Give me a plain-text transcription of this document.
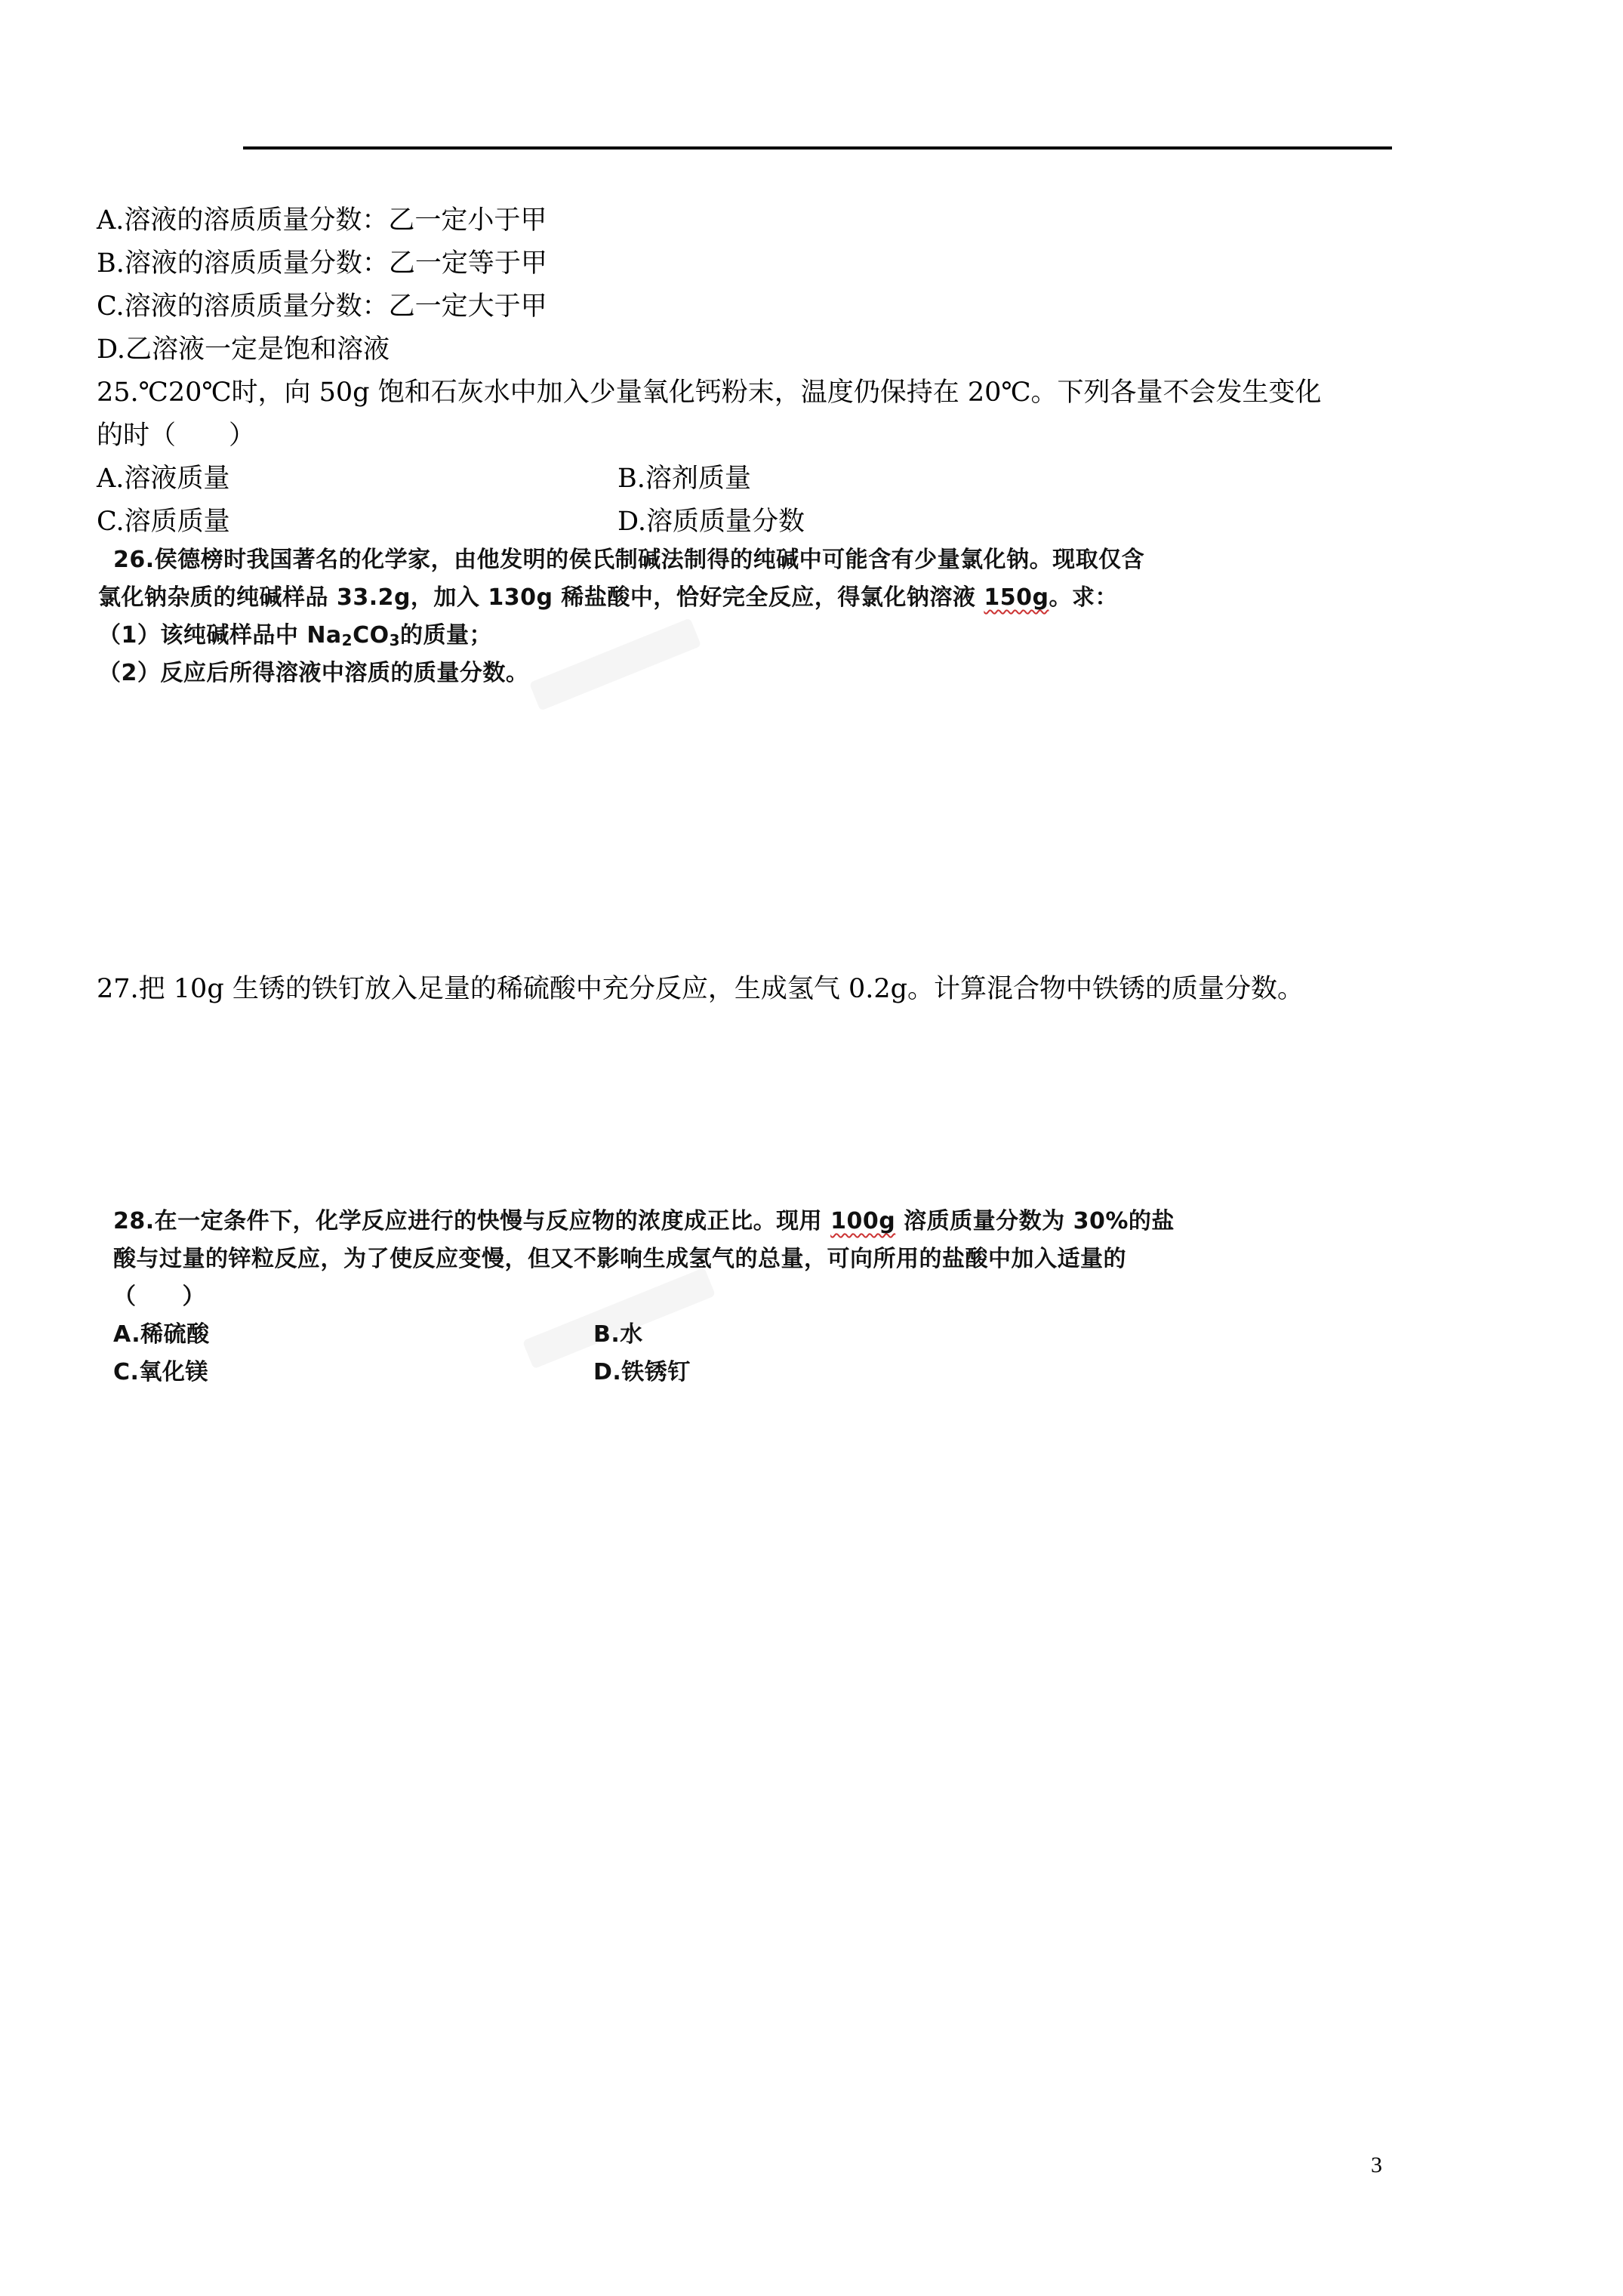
A.溶液的溶质质量分数：乙一定小于甲
B.溶液的溶质质量分数：乙一定等于甲
C.溶液的溶质质量分数：乙一定大于甲
D.乙溶液一定是饱和溶液
25.℃20℃时，向 50g 饱和石灰水中加入少量氧化钙粉末，温度仍保持在 20℃。下列各量不会发生变化
的时（　　）
A.溶液质量	B.溶剂质量
C.溶质质量	D.溶质质量分数
26.侯德榜时我国著名的化学家，由他发明的侯氏制碱法制得的纯碱中可能含有少量氯化钠。现取仅含
氯化钠杂质的纯碱样品 33.2g，加入 130g 稀盐酸中，恰好完全反应，得氯化钠溶液 150g。求：
（1）该纯碱样品中 Na2CO3的质量；
（2）反应后所得溶液中溶质的质量分数。
27.把 10g 生锈的铁钉放入足量的稀硫酸中充分反应，生成氢气 0.2g。计算混合物中铁锈的质量分数。
28.在一定条件下，化学反应进行的快慢与反应物的浓度成正比。现用 100g 溶质质量分数为 30%的盐
酸与过量的锌粒反应，为了使反应变慢，但又不影响生成氢气的总量，可向所用的盐酸中加入适量的
（　　）
A.稀硫酸	B.水
C.氧化镁	D.铁锈钉
3
